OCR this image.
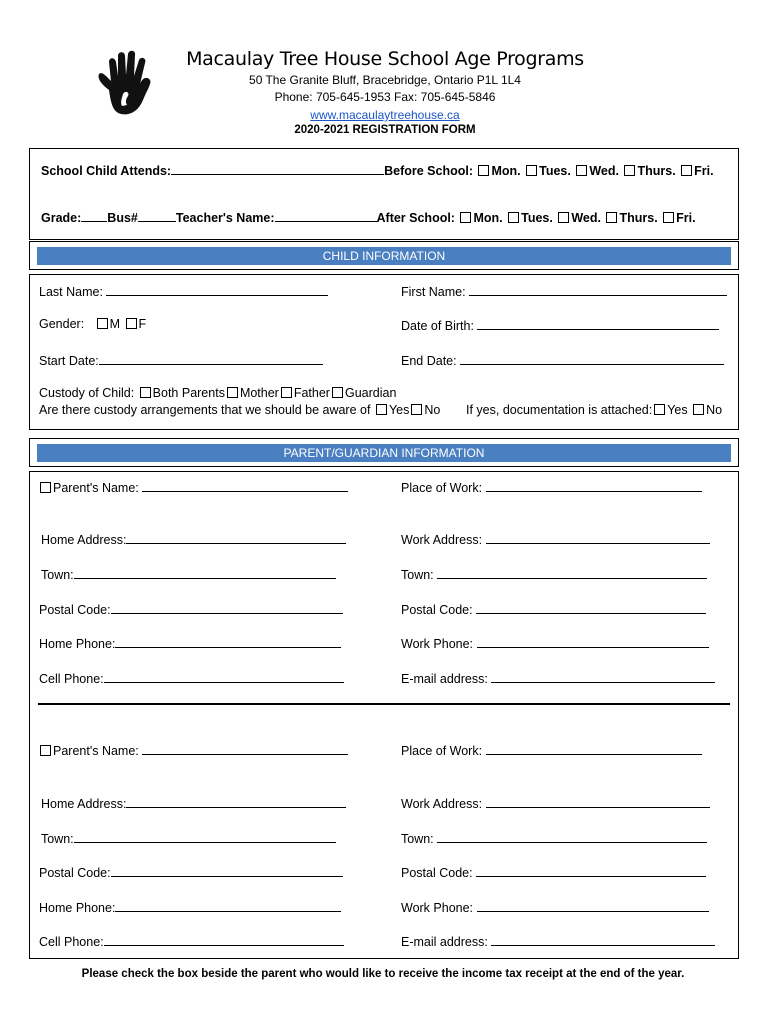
Macaulay Tree House School Age Programs
50 The Granite Bluff, Bracebridge, Ontario P1L 1L4
Phone: 705-645-1953 Fax: 705-645-5846
www.macaulaytreehouse.ca
2020-2021 REGISTRATION FORM
School Child Attends:	Before School: Mon. Tues. Wed. Thurs. Fri.
Grade: Bus#	Teacher's Name:	After School: Mon. Tues. Wed. Thurs. Fri.
CHILD INFORMATION
Last Name:	First Name:
Gender: M F	Date of Birth:
Start Date:	End Date:
Custody of Child: Both Parents Mother Father Guardian
Are there custody arrangements that we should be aware of Yes No If yes, documentation is attached: Yes No
PARENT/GUARDIAN INFORMATION
Parent's Name:	Place of Work:
Home Address:	Work Address:
Town:	Town:
Postal Code:	Postal Code:
Home Phone:	Work Phone:
Cell Phone:	E-mail address:
Parent's Name:	Place of Work:
Home Address:	Work Address:
Town:	Town:
Postal Code:	Postal Code:
Home Phone:	Work Phone:
Cell Phone:	E-mail address:
Please check the box beside the parent who would like to receive the income tax receipt at the end of the year.
